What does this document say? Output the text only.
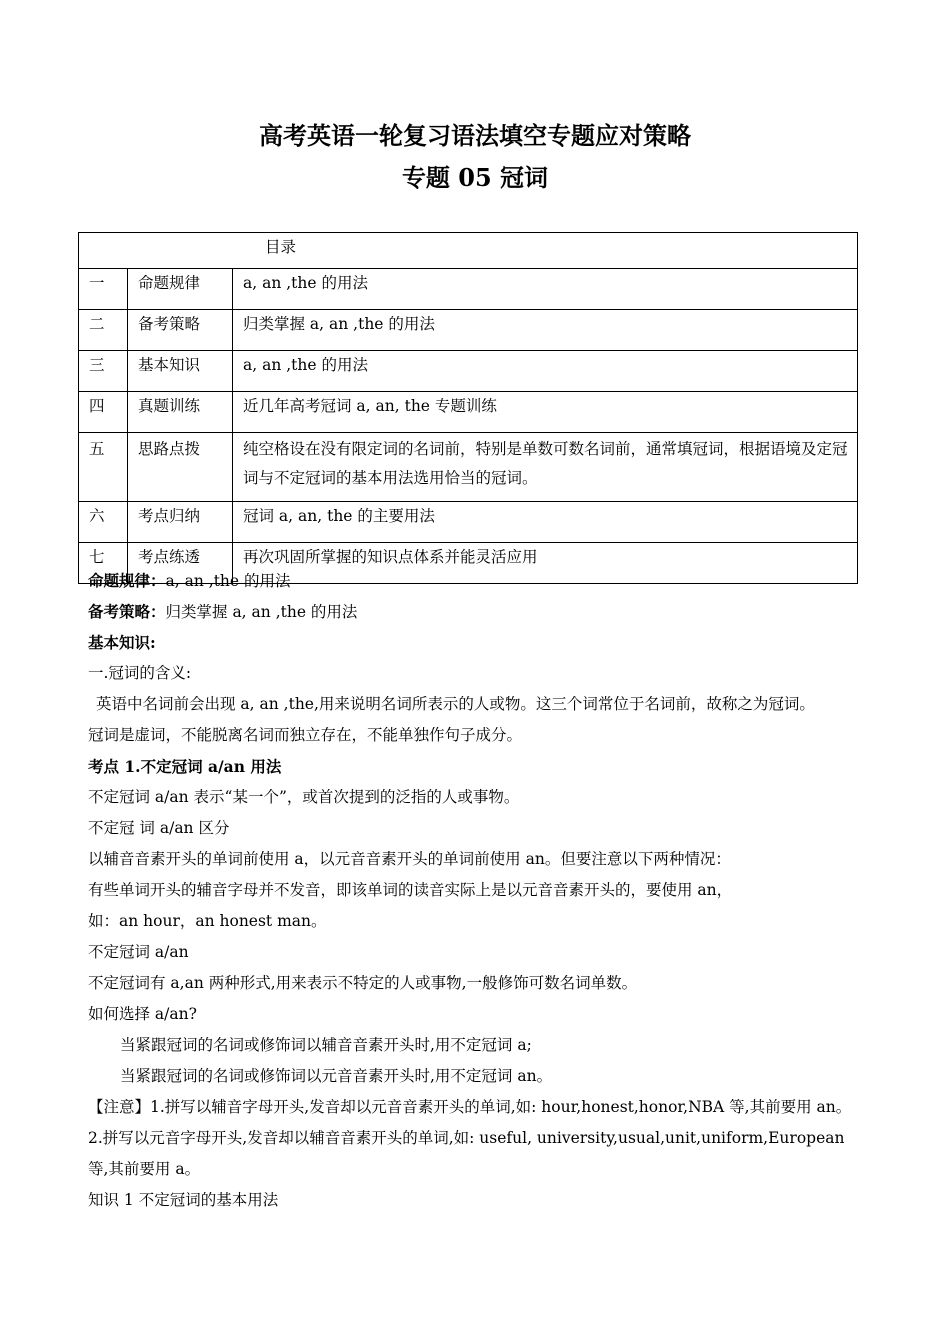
高考英语一轮复习语法填空专题应对策略
专题 05 冠词
目录		
一	命题规律	a, an ,the 的用法
二	备考策略	归类掌握 a, an ,the 的用法
三	基本知识	a, an ,the 的用法
四	真题训练	近几年高考冠词 a, an, the 专题训练
五	思路点拨	纯空格设在没有限定词的名词前，特别是单数可数名词前，通常填冠词，根据语境及定冠词与不定冠词的基本用法选用恰当的冠词。
六	考点归纳	冠词 a, an, the 的主要用法
七	考点练透	再次巩固所掌握的知识点体系并能灵活应用

命题规律：a, an ,the 的用法

备考策略：归类掌握 a, an ,the 的用法

基本知识:

一.冠词的含义:

英语中名词前会出现 a, an ,the,用来说明名词所表示的人或物。这三个词常位于名词前，故称之为冠词。

冠词是虚词，不能脱离名词而独立存在，不能单独作句子成分。

考点 1.不定冠词 a/an 用法

不定冠词 a/an 表示“某一个”，或首次提到的泛指的人或事物。

不定冠 词 a/an 区分

以辅音音素开头的单词前使用 a，以元音音素开头的单词前使用 an。但要注意以下两种情况：

有些单词开头的辅音字母并不发音，即该单词的读音实际上是以元音音素开头的，要使用 an，

如：an hour，an honest man。

不定冠词 a/an

不定冠词有 a,an 两种形式,用来表示不特定的人或事物,一般修饰可数名词单数。

如何选择 a/an?

当紧跟冠词的名词或修饰词以辅音音素开头时,用不定冠词 a;

当紧跟冠词的名词或修饰词以元音音素开头时,用不定冠词 an。

【注意】1.拼写以辅音字母开头,发音却以元音音素开头的单词,如: hour,honest,honor,NBA 等,其前要用 an。

2.拼写以元音字母开头,发音却以辅音音素开头的单词,如: useful, university,usual,unit,uniform,European 等,其前要用 a。

知识 1 不定冠词的基本用法
